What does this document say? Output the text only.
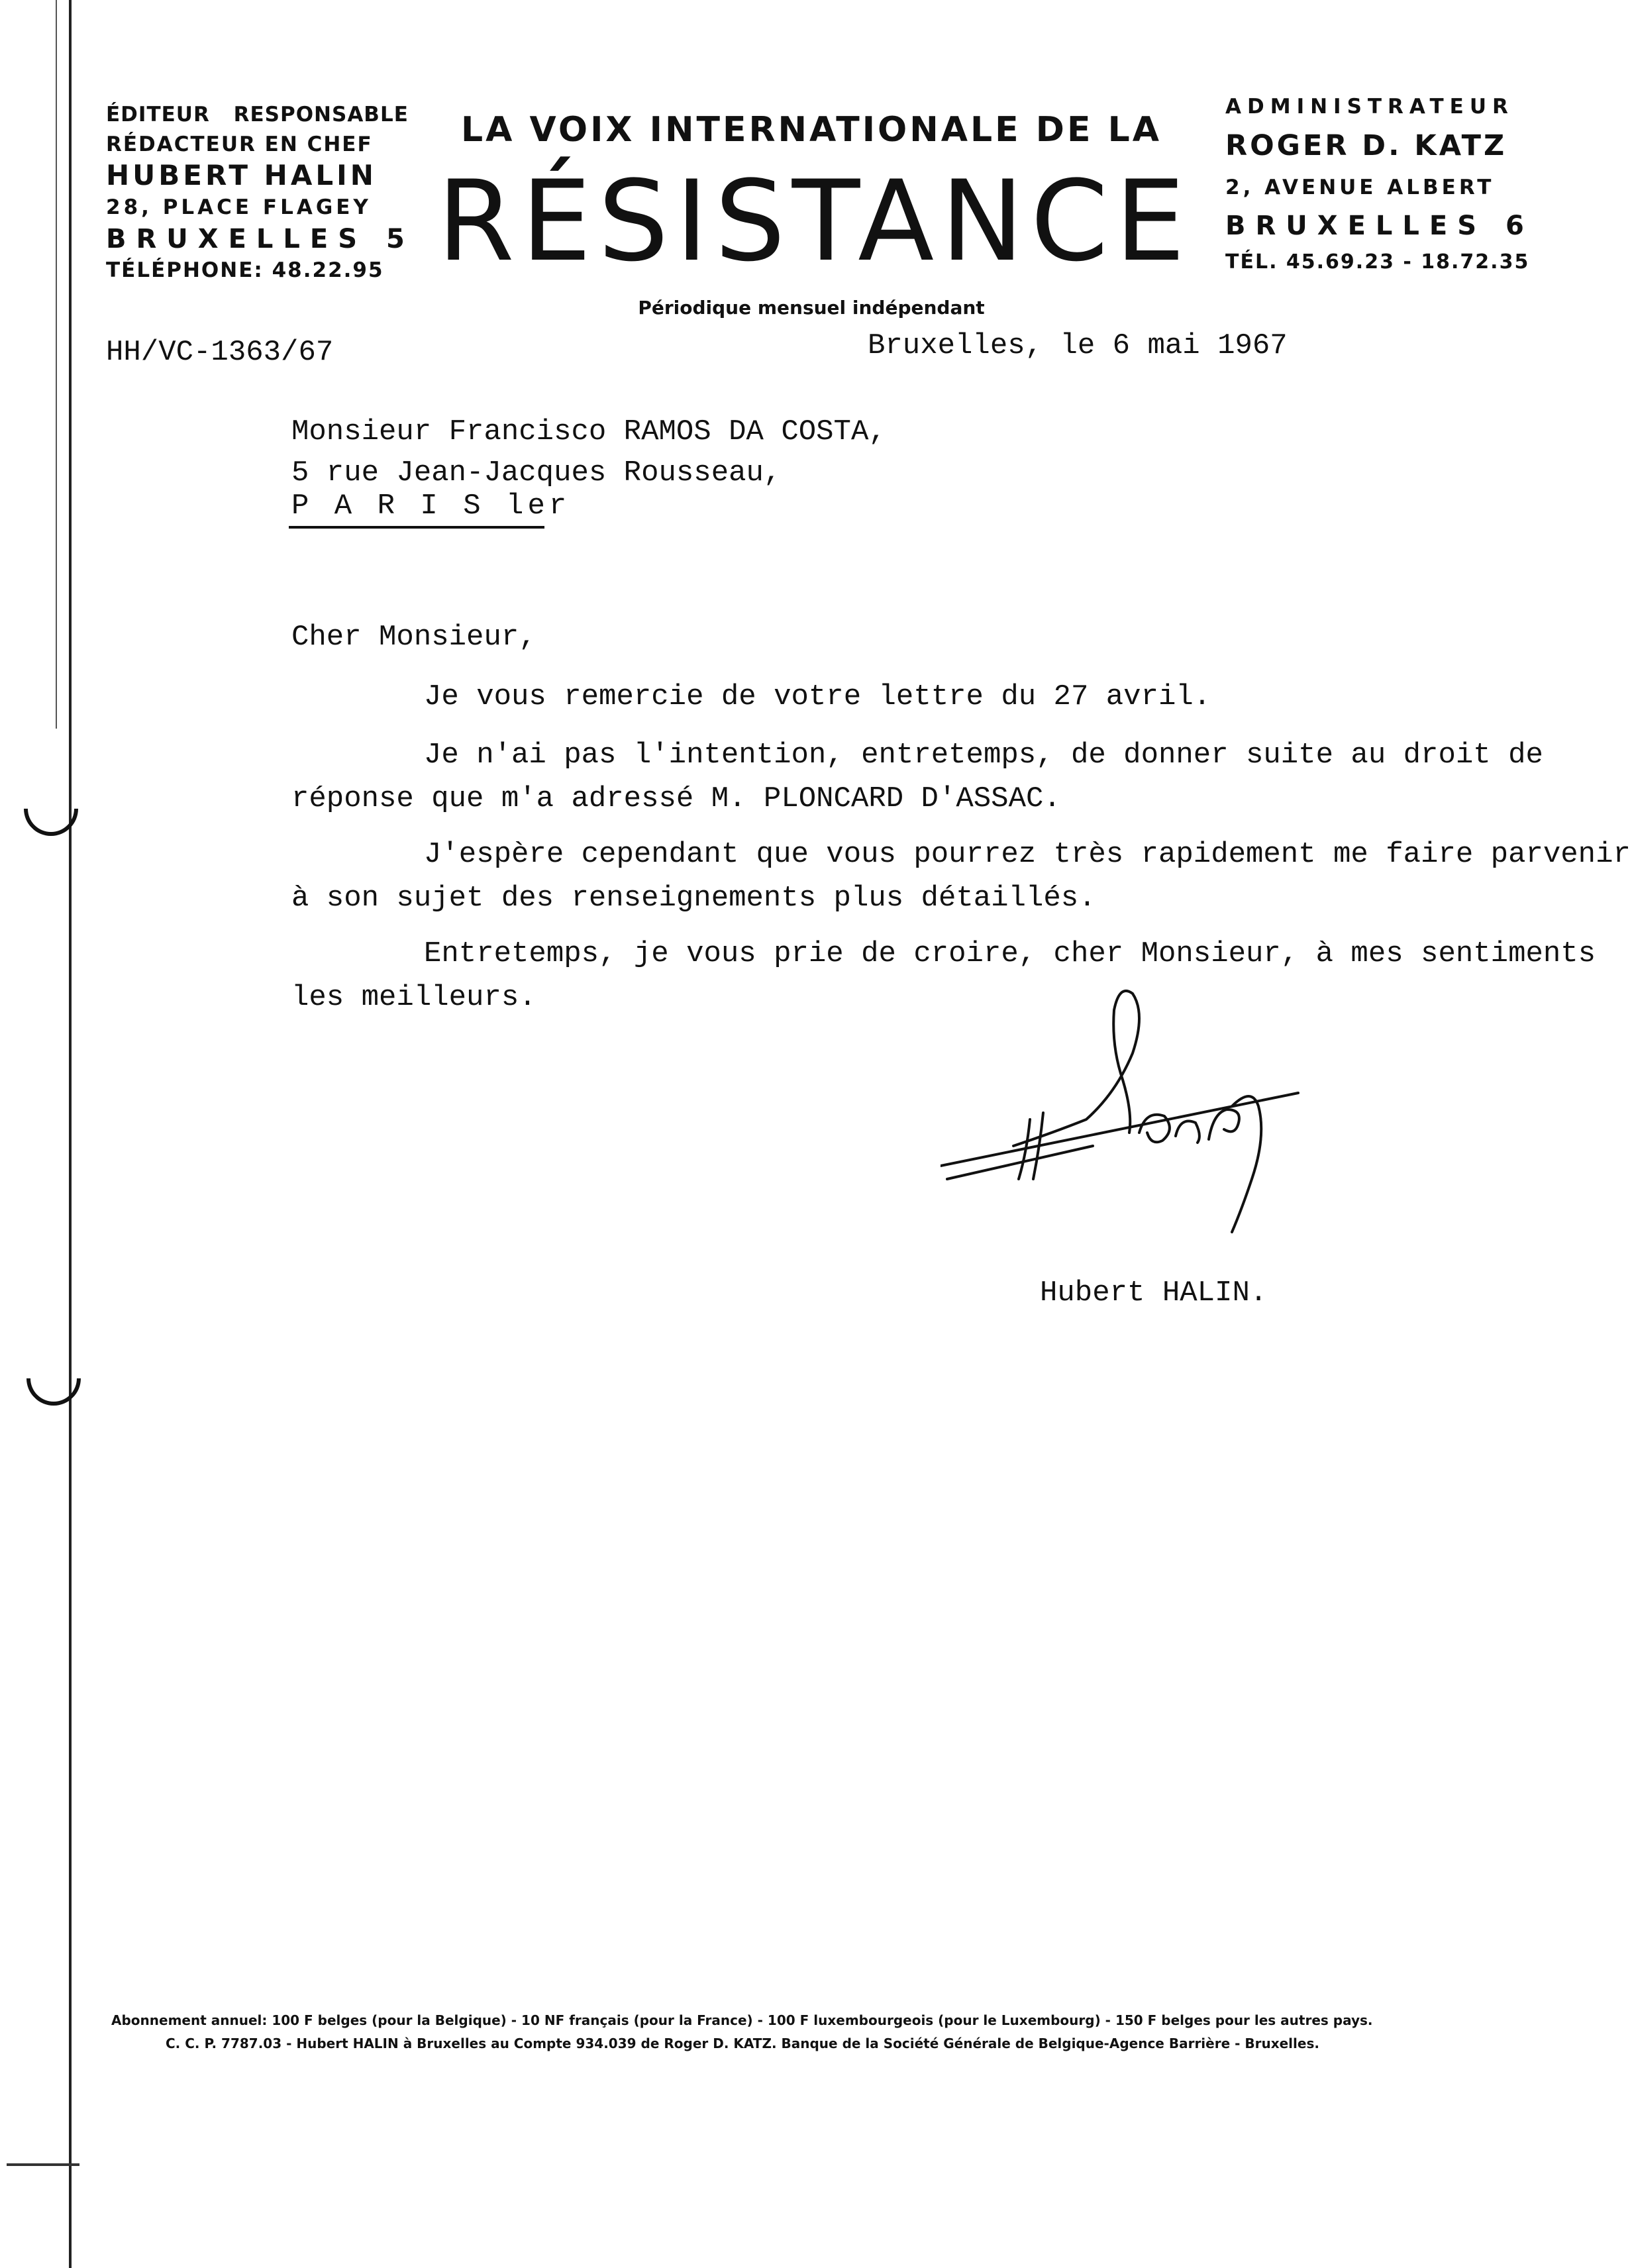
ÉDITEUR RESPONSABLE
RÉDACTEUR EN CHEF
HUBERT HALIN
28, PLACE FLAGEY
BRUXELLES 5
TÉLÉPHONE: 48.22.95
LA VOIX INTERNATIONALE DE LA
RÉSISTANCE
Périodique mensuel indépendant
ADMINISTRATEUR
ROGER D. KATZ
2, AVENUE ALBERT
BRUXELLES 6
TÉL. 45.69.23 - 18.72.35
HH/VC-1363/67	Bruxelles, le 6 mai 1967
Monsieur Francisco RAMOS DA COSTA,
5 rue Jean-Jacques Rousseau,
P A R I S ler
Cher Monsieur,
Je vous remercie de votre lettre du 27 avril.
Je n'ai pas l'intention, entretemps, de donner suite au droit de
réponse que m'a adressé M. PLONCARD D'ASSAC.
J'espère cependant que vous pourrez très rapidement me faire parvenir
à son sujet des renseignements plus détaillés.
Entretemps, je vous prie de croire, cher Monsieur, à mes sentiments
les meilleurs.
Hubert HALIN.
Abonnement annuel: 100 F belges (pour la Belgique) - 10 NF français (pour la France) - 100 F luxembourgeois (pour le Luxembourg) - 150 F belges pour les autres pays.
C. C. P. 7787.03 - Hubert HALIN à Bruxelles au Compte 934.039 de Roger D. KATZ. Banque de la Société Générale de Belgique-Agence Barrière - Bruxelles.
